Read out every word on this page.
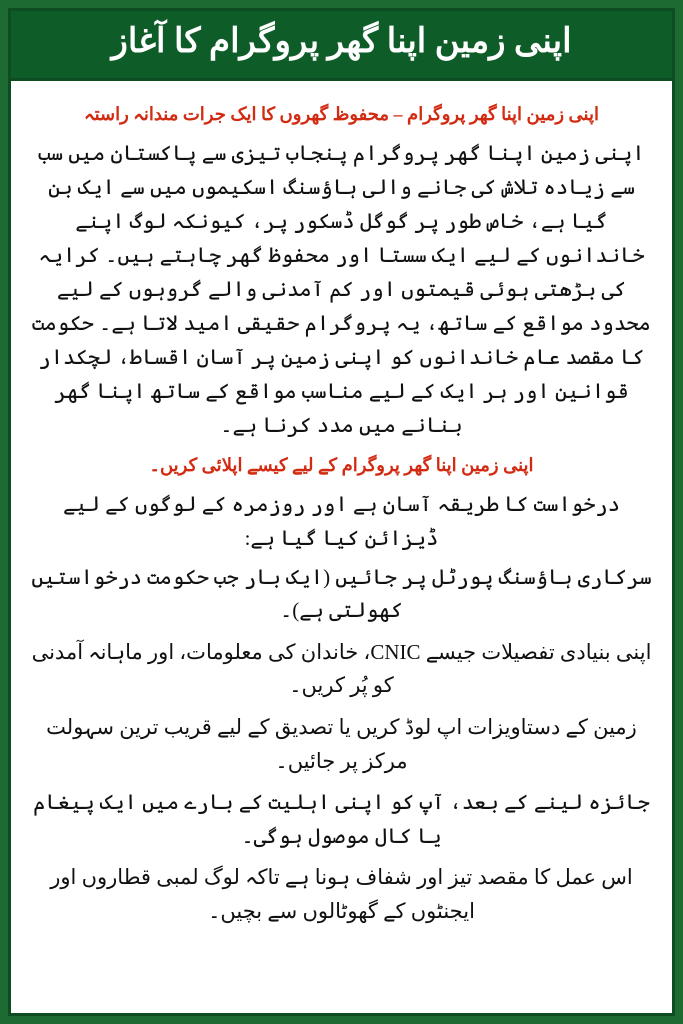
اپنی زمین اپنا گھر پروگرام کا آغاز
اپنی زمین اپنا گھر پروگرام – محفوظ گھروں کا ایک جرات مندانہ راستہ

اپنی زمین اپنا گھر پروگرام پنجاب تیزی سے پاکستان میں سب سے زیادہ تلاش کی جانے والی ہاؤسنگ اسکیموں میں سے ایک بن گیا ہے، خاص طور پر گوگل ڈسکور پر، کیونکہ لوگ اپنے خاندانوں کے لیے ایک سستا اور محفوظ گھر چاہتے ہیں۔ کرایہ کی بڑھتی ہوئی قیمتوں اور کم آمدنی والے گروہوں کے لیے محدود مواقع کے ساتھ، یہ پروگرام حقیقی امید لاتا ہے۔ حکومت کا مقصد عام خاندانوں کو اپنی زمین پر آسان اقساط، لچکدار قوانین اور ہر ایک کے لیے مناسب مواقع کے ساتھ اپنا گھر بنانے میں مدد کرنا ہے۔

اپنی زمین اپنا گھر پروگرام کے لیے کیسے اپلائی کریں۔

درخواست کا طریقہ آسان ہے اور روزمرہ کے لوگوں کے لیے ڈیزائن کیا گیا ہے:

سرکاری ہاؤسنگ پورٹل پر جائیں (ایک بار جب حکومت درخواستیں کھولتی ہے)۔
اپنی بنیادی تفصیلات جیسے CNIC، خاندان کی معلومات، اور ماہانہ آمدنی کو پُر کریں۔
زمین کے دستاویزات اپ لوڈ کریں یا تصدیق کے لیے قریب ترین سہولت مرکز پر جائیں۔
جائزہ لینے کے بعد، آپ کو اپنی اہلیت کے بارے میں ایک پیغام یا کال موصول ہوگی۔
اس عمل کا مقصد تیز اور شفاف ہونا ہے تاکہ لوگ لمبی قطاروں اور ایجنٹوں کے گھوٹالوں سے بچیں۔
